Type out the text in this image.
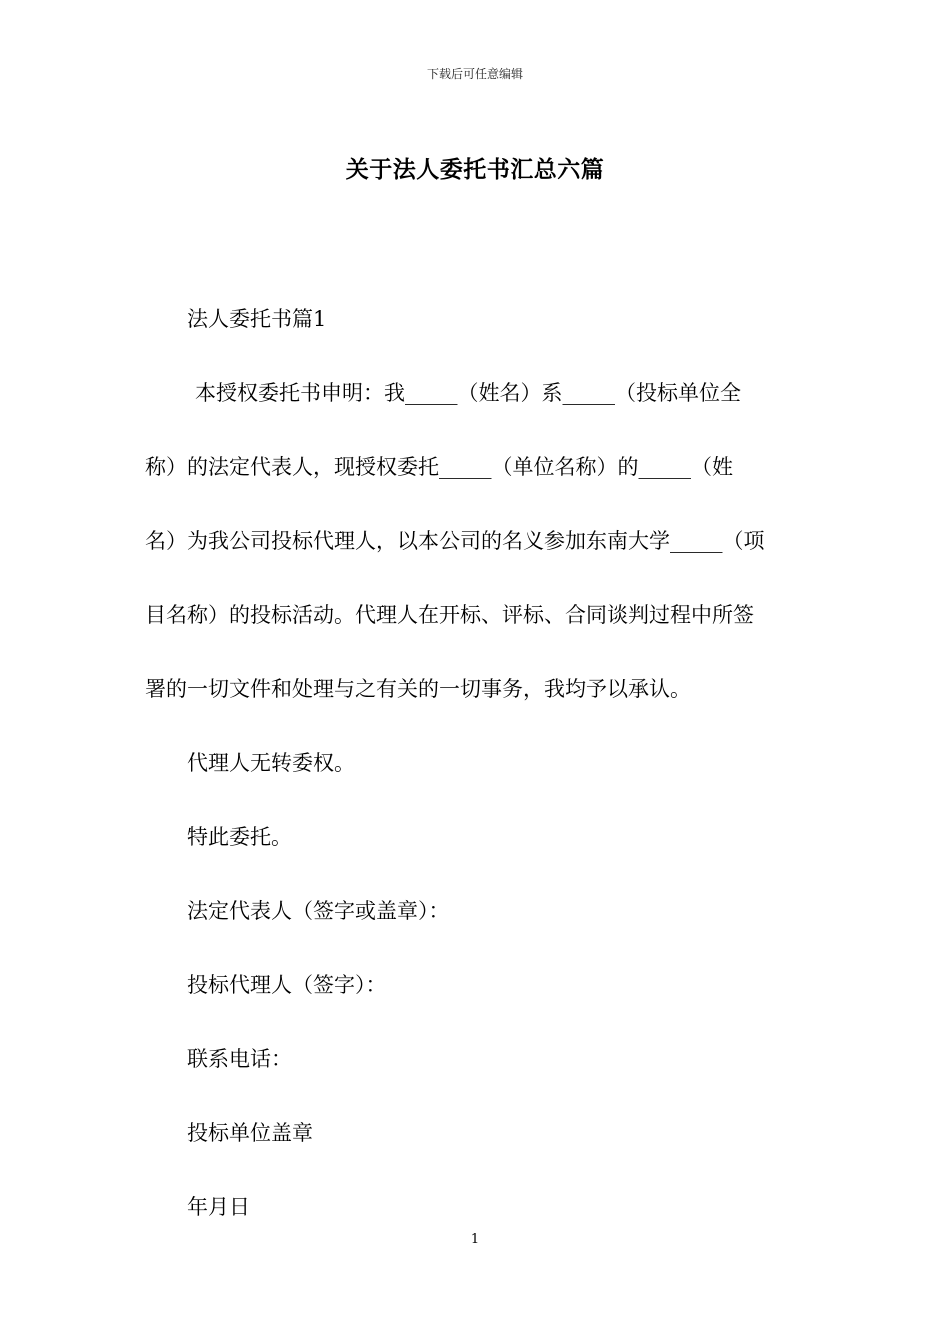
下载后可任意编辑
关于法人委托书汇总六篇

法人委托书篇1

本授权委托书申明：我_____（姓名）系_____（投标单位全
称）的法定代表人，现授权委托_____（单位名称）的_____（姓
名）为我公司投标代理人，以本公司的名义参加东南大学_____（项
目名称）的投标活动。代理人在开标、评标、合同谈判过程中所签
署的一切文件和处理与之有关的一切事务，我均予以承认。

代理人无转委权。

特此委托。

法定代表人（签字或盖章）：

投标代理人（签字）：

联系电话：

投标单位盖章

年月日

1
